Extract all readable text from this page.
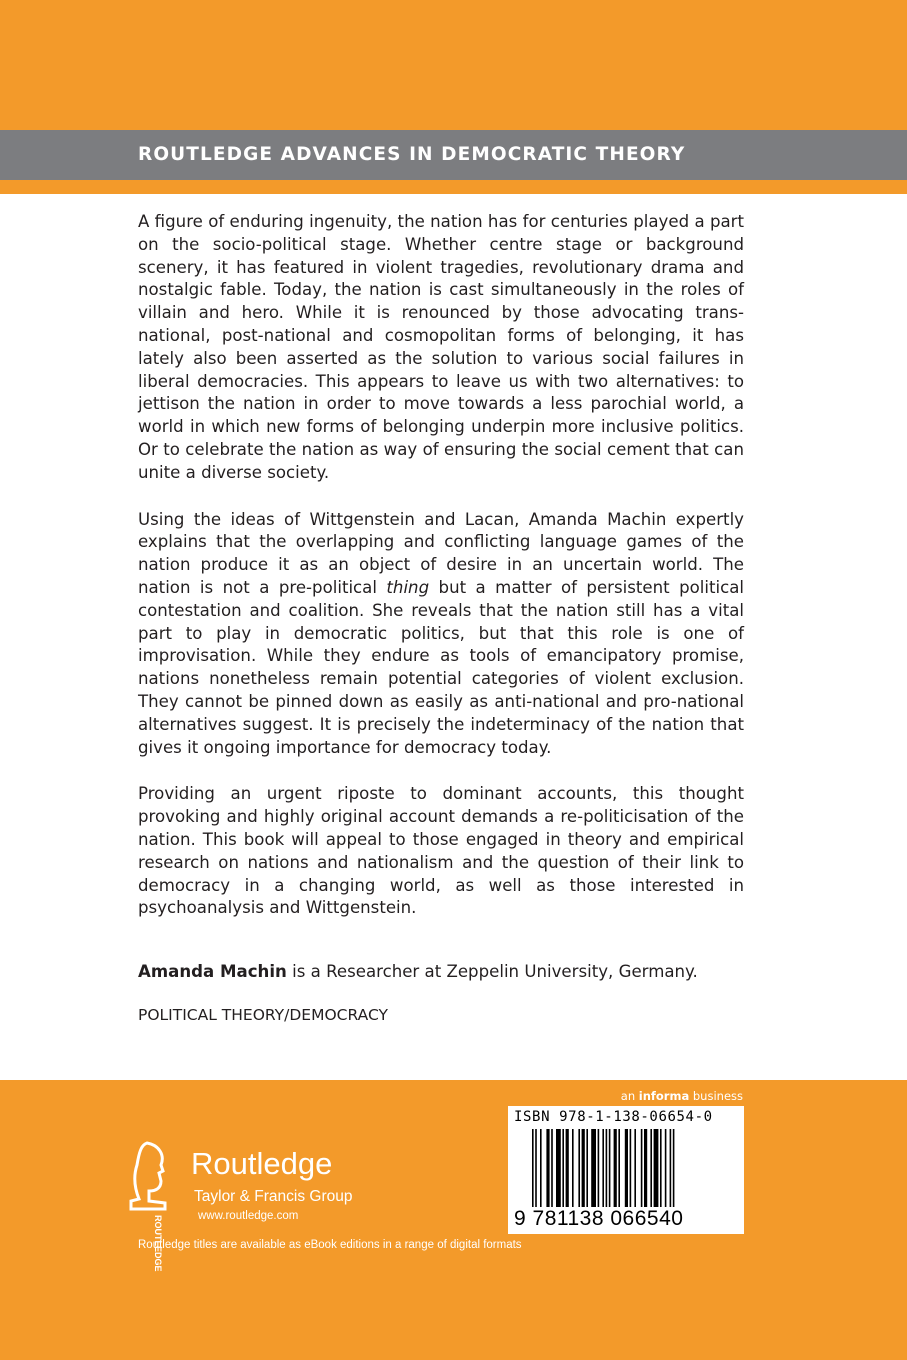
ROUTLEDGE ADVANCES IN DEMOCRATIC THEORY

A figure of enduring ingenuity, the nation has for centuries played a part on the socio-political stage. Whether centre stage or background scenery, it has featured in violent tragedies, revolutionary drama and nostalgic fable. Today, the nation is cast simultaneously in the roles of villain and hero. While it is renounced by those advocating trans-national, post-national and cosmopolitan forms of belonging, it has lately also been asserted as the solution to various social failures in liberal democracies. This appears to leave us with two alternatives: to jettison the nation in order to move towards a less parochial world, a world in which new forms of belonging underpin more inclusive politics. Or to celebrate the nation as way of ensuring the social cement that can unite a diverse society.

Using the ideas of Wittgenstein and Lacan, Amanda Machin expertly explains that the overlapping and conflicting language games of the nation produce it as an object of desire in an uncertain world. The nation is not a pre-political thing but a matter of persistent political contestation and coalition. She reveals that the nation still has a vital part to play in democratic politics, but that this role is one of improvisation. While they endure as tools of emancipatory promise, nations nonetheless remain potential categories of violent exclusion. They cannot be pinned down as easily as anti-national and pro-national alternatives suggest. It is precisely the indeterminacy of the nation that gives it ongoing importance for democracy today.

Providing an urgent riposte to dominant accounts, this thought provoking and highly original account demands a re-politicisation of the nation. This book will appeal to those engaged in theory and empirical research on nations and nationalism and the question of their link to democracy in a changing world, as well as those interested in psychoanalysis and Wittgenstein.

Amanda Machin is a Researcher at Zeppelin University, Germany.

POLITICAL THEORY/DEMOCRACY

an informa business
ROUTLEDGE
Routledge
Taylor & Francis Group
www.routledge.com
ISBN 978-1-138-06654-0
9 781138 066540
Routledge titles are available as eBook editions in a range of digital formats
